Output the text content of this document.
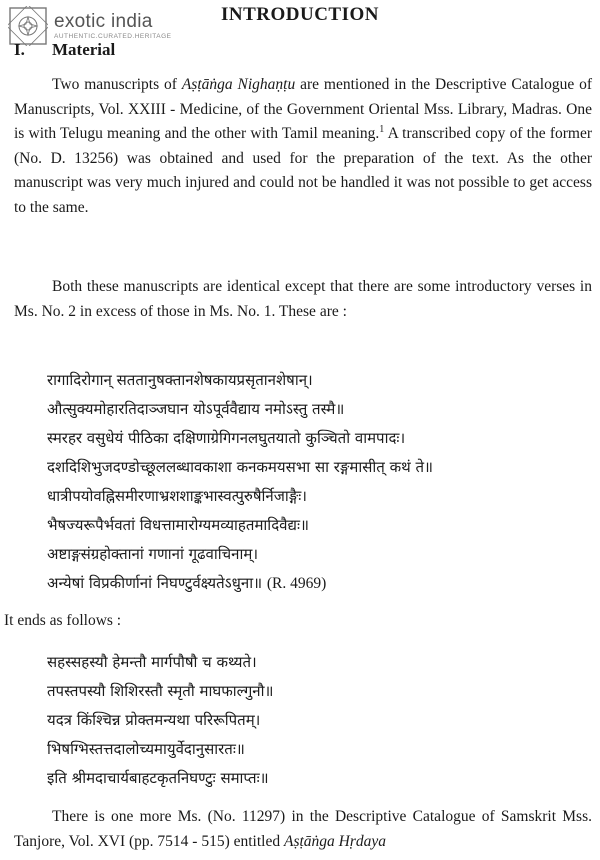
exotic india
AUTHENTIC.CURATED.HERITAGE
INTRODUCTION
I. Material
Two manuscripts of Aṣṭāṅga Nighaṇṭu are mentioned in the Descriptive Catalogue of Manuscripts, Vol. XXIII - Medicine, of the Government Oriental Mss. Library, Madras. One is with Telugu meaning and the other with Tamil meaning.$^1$ A transcribed copy of the former (No. D. 13256) was obtained and used for the preparation of the text. As the other manuscript was very much injured and could not be handled it was not possible to get access to the same.
Both these manuscripts are identical except that there are some introductory verses in Ms. No. 2 in excess of those in Ms. No. 1. These are :
रागादिरोगान् सततानुषक्तानशेषकायप्रसृतानशेषान्।
औत्सुक्यमोहारतिदाञ्जघान योऽपूर्ववैद्याय नमोऽस्तु तस्मै॥
स्मरहर वसुधेयं पीठिका दक्षिणाग्रेगिगनलघुतयातो कुञ्चितो वामपादः।
दशदिशिभुजदण्डोच्छूललब्धावकाशा कनकमयसभा सा रङ्गमासीत् कथं ते॥
धात्रीपयोवह्निसमीरणाभ्रशशाङ्कभास्वत्पुरुषैर्निजाङ्गैः।
भैषज्यरूपैर्भवतां विधत्तामारोग्यमव्याहतमादिवैद्यः॥
अष्टाङ्गसंग्रहोक्तानां गणानां गूढवाचिनाम्।
अन्येषां विप्रकीर्णानां निघण्टुर्वक्ष्यतेऽधुना॥ (R. 4969)
It ends as follows :
सहस्सहस्यौ हेमन्तौ मार्गपौषौ च कथ्यते।
तपस्तपस्यौ शिशिरस्तौ स्मृतौ माघफाल्गुनौ॥
यदत्र किंश्चिन्न प्रोक्तमन्यथा परिरूपितम्।
भिषग्भिस्तत्तदालोच्यमायुर्वेदानुसारतः॥
इति श्रीमदाचार्यबाहटकृतनिघण्टुः समाप्तः॥
There is one more Ms. (No. 11297) in the Descriptive Catalogue of Samskrit Mss. Tanjore, Vol. XVI (pp. 7514 - 515) entitled Aṣṭāṅga Hṛdaya
